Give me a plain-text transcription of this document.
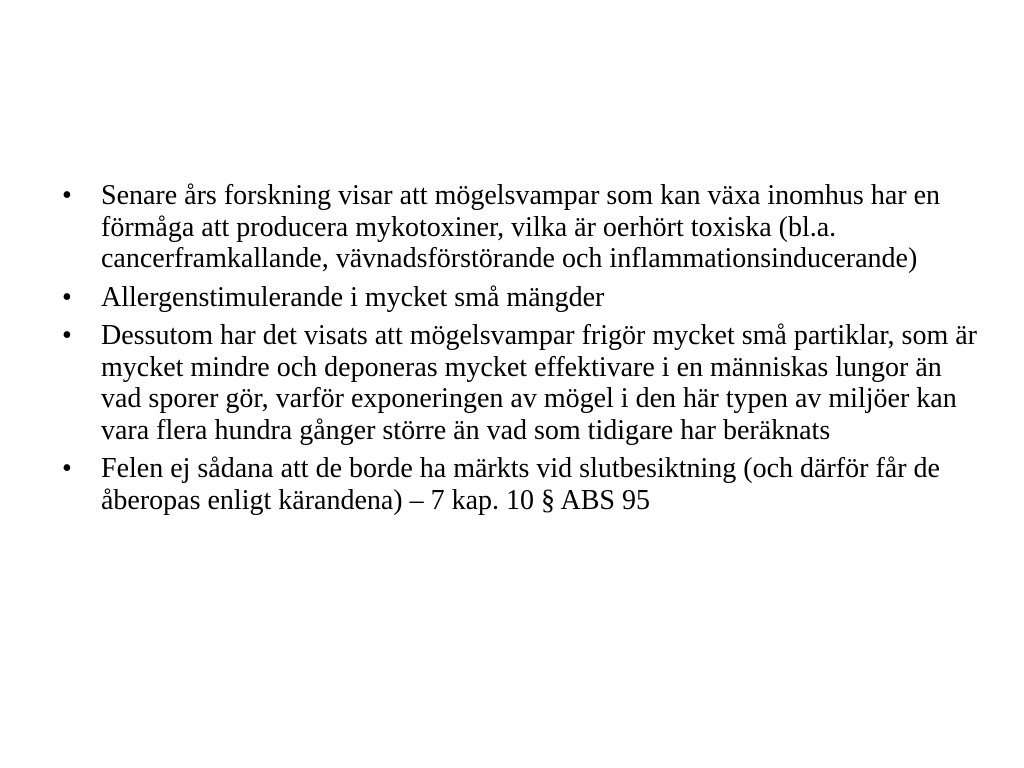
•	Senare års forskning visar att mögelsvampar som kan växa inomhus har en förmåga att producera mykotoxiner, vilka är oerhört toxiska (bl.a. cancerframkallande, vävnadsförstörande och inflammationsinducerande)
•	Allergenstimulerande i mycket små mängder
•	Dessutom har det visats att mögelsvampar frigör mycket små partiklar, som är mycket mindre och deponeras mycket effektivare i en människas lungor än vad sporer gör, varför exponeringen av mögel i den här typen av miljöer kan vara flera hundra gånger större än vad som tidigare har beräknats
•	Felen ej sådana att de borde ha märkts vid slutbesiktning (och därför får de åberopas enligt kärandena) – 7 kap. 10 § ABS 95
